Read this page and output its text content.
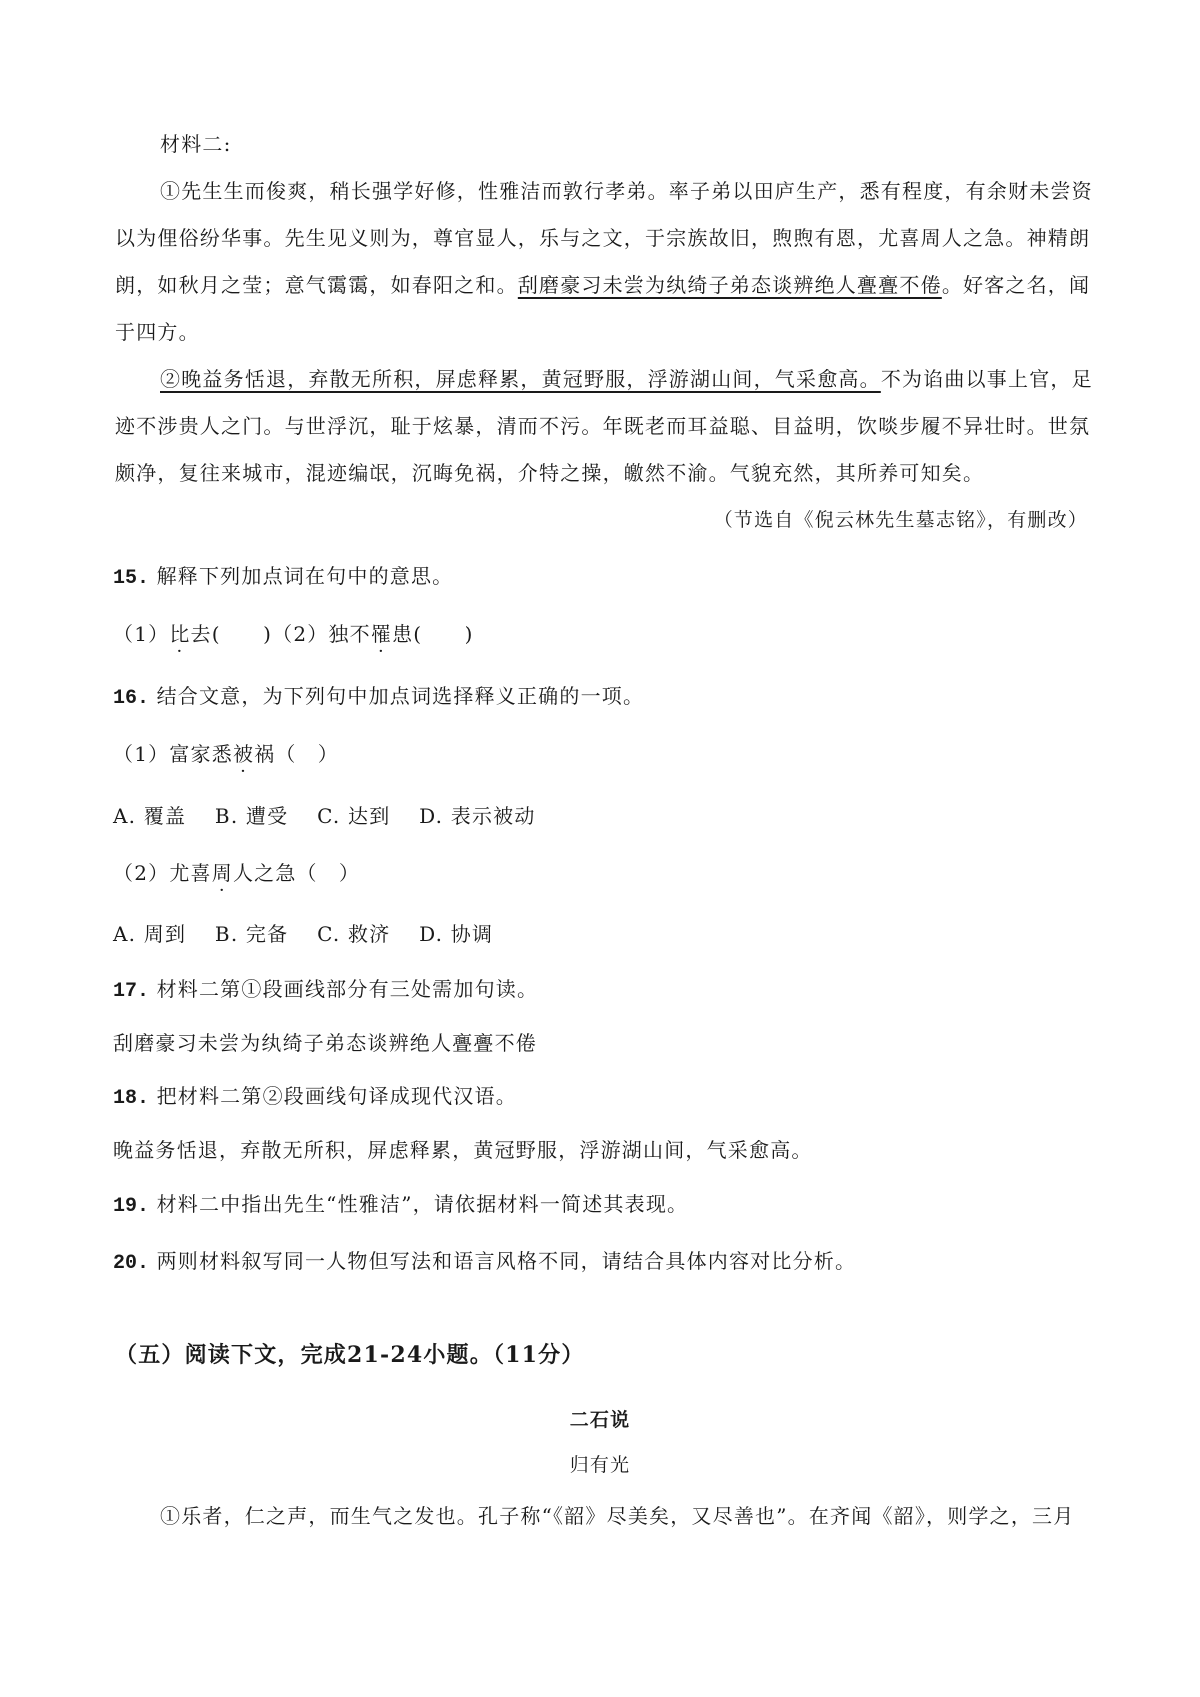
材料二:
①先生生而俊爽，稍长强学好修，性雅洁而敦行孝弟。率子弟以田庐生产，悉有程度，有余财未尝资
以为俚俗纷华事。先生见义则为，尊官显人，乐与之文，于宗族故旧，煦煦有恩，尤喜周人之急。神精朗
朗，如秋月之莹；意气霭霭，如春阳之和。刮磨豪习未尝为纨绮子弟态谈辨绝人亹亹不倦。好客之名，闻
于四方。
②晚益务恬退，弃散无所积，屏虑释累，黄冠野服，浮游湖山间，气采愈高。不为谄曲以事上官，足
迹不涉贵人之门。与世浮沉，耻于炫暴，清而不污。年既老而耳益聪、目益明，饮啖步履不异壮时。世氛
颇净，复往来城市，混迹编氓，沉晦免祸，介特之操，皦然不渝。气貌充然，其所养可知矣。
（节选自《倪云林先生墓志铭》，有删改）
15. 解释下列加点词在句中的意思。
（1）比去(　　)（2）独不罹患(　　)
16. 结合文意，为下列句中加点词选择释义正确的一项。
（1）富家悉被祸（　）
A. 覆盖　 B. 遭受　 C. 达到　 D. 表示被动
（2）尤喜周人之急（　）
A. 周到　 B. 完备　 C. 救济　 D. 协调
17. 材料二第①段画线部分有三处需加句读。
刮磨豪习未尝为纨绮子弟态谈辨绝人亹亹不倦
18. 把材料二第②段画线句译成现代汉语。
晚益务恬退，弃散无所积，屏虑释累，黄冠野服，浮游湖山间，气采愈高。
19. 材料二中指出先生“性雅洁”，请依据材料一简述其表现。
20. 两则材料叙写同一人物但写法和语言风格不同，请结合具体内容对比分析。
（五）阅读下文，完成21-24小题。（11分）
二石说
归有光
①乐者，仁之声，而生气之发也。孔子称“《韶》尽美矣，又尽善也”。在齐闻《韶》，则学之，三月
